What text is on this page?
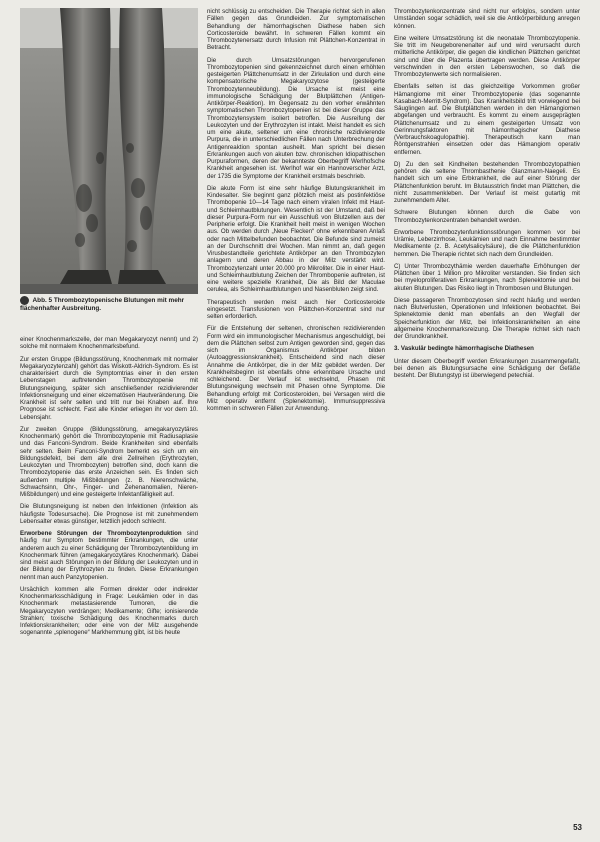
Abb. 5 Thrombozytopenische Blutungen mit mehr flächenhafter Ausbreitung.

einer Knochenmarkszelle, der man Megakaryozyt nennt) und 2) solche mit normalem Knochenmarksbefund.

Zur ersten Gruppe (Bildungsstörung, Knochenmark mit normaler Megakaryozytenzahl) gehört das Wiskott-Aldrich-Syndrom. Es ist charakterisiert durch die Symptomtrias einer in den ersten Lebenstagen auftretenden Thrombozytopenie mit Blutungsneigung, später sich anschließender rezidivierender Infektionsneigung und einer ekzematösen Hautveränderung. Die Krankheit ist sehr selten und tritt nur bei Knaben auf. Ihre Prognose ist schlecht. Fast alle Kinder erliegen ihr vor dem 10. Lebensjahr.

Zur zweiten Gruppe (Bildungsstörung, amegakaryozytäres Knochenmark) gehört die Thrombozytopenie mit Radiusaplasie und das Fanconi-Syndrom. Beide Krankheiten sind ebenfalls sehr selten. Beim Fanconi-Syndrom bemerkt es sich um ein Bildungsdefekt, bei dem alle drei Zellreihen (Erythrozyten, Leukozyten und Thrombozyten) betroffen sind, doch kann die Thrombozytopenie das erste Anzeichen sein. Es finden sich außerdem multiple Mißbildungen (z. B. Nierenschwäche, Schwachsinn, Ohr-, Finger- und Zehenanomalien, Nieren-Mißbildungen) und eine gesteigerte Infektanfälligkeit auf.

Die Blutungsneigung ist neben den Infektionen (Infektion als häufigste Todesursache). Die Prognose ist mit zunehmendem Lebensalter etwas günstiger, letztlich jedoch schlecht.

Erworbene Störungen der Thrombozytenproduktion sind häufig nur Symptom bestimmter Erkrankungen, die unter anderem auch zu einer Schädigung der Thrombozytenbildung im Knochenmark führen (amegakaryozytäres Knochenmark). Dabei sind meist auch Störungen in der Bildung der Leukozyten und in der Bildung der Erythrozyten zu finden. Diese Erkrankungen nennt man auch Panzytopenien.

Ursächlich kommen alle Formen direkter oder indirekter Knochenmarksschädigung in Frage: Leukämien oder in das Knochenmark metastasierende Tumoren, die die Megakaryozyten verdrängen; Medikamente; Gifte; ionisierende Strahlen; toxische Schädigung des Knochenmarks durch Infektionskrankheiten; oder eine von der Milz ausgehende sogenannte „splenogene“ Markhemmung gibt, ist bis heute

nicht schlüssig zu entscheiden. Die Therapie richtet sich in allen Fällen gegen das Grundleiden. Zur symptomatischen Behandlung der hämorrhagischen Diathese haben sich Corticosteroide bewährt. In schweren Fällen kommt ein Thrombozytenersatz durch Infusion mit Plättchen-Konzentrat in Betracht.

Die durch Umsatzstörungen hervorgerufenen Thrombozytopenien sind gekennzeichnet durch einen erhöhten gesteigerten Plättchenumsatz in der Zirkulation und durch eine kompensatorische Megakaryozytose (gesteigerte Thrombozytenneubildung). Die Ursache ist meist eine immunologische Schädigung der Blutplättchen (Antigen-Antikörper-Reaktion). Im Gegensatz zu den vorher erwähnten symptomatischen Thrombozytopenien ist bei dieser Gruppe das Thrombozytensystem isoliert betroffen. Die Ausreifung der Leukozyten und der Erythrozyten ist intakt. Meist handelt es sich um eine akute, seltener um eine chronische rezidivierende Purpura, die in unterschiedlichen Fällen nach Unterbrechung der Antigenreaktion spontan ausheilt. Man spricht bei diesen Erkrankungen auch von akuten bzw. chronischen Idiopathischen Purpuraformen, deren der bekannteste Oberbegriff Werlhofsche Krankheit angesehen ist. Werlhof war ein Hannoverscher Arzt, der 1735 die Symptome der Krankheit erstmals beschrieb.

Die akute Form ist eine sehr häufige Blutungskrankheit im Kindesalter. Sie beginnt ganz plötzlich meist als postinfektiöse Thrombopenie 10—14 Tage nach einem viralen Infekt mit Haut- und Schleimhautblutungen. Wesentlich ist der Umstand, daß bei dieser Purpura-Form nur ein Ausschluß von Blutzellen aus der Peripherie erfolgt. Die Krankheit heilt meist in wenigen Wochen aus. Ob werden durch „Neue Flecken“ ohne erkennbaren Anlaß oder nach Mittelbefunden beobachtet. Die Befunde sind zumeist an der Durchschnitt drei Wochen. Man nimmt an, daß gegen Virusbestandteile gerichtete Antikörper an den Thrombozyten anlagern und deren Abbau in der Milz verstärkt wird. Thrombozytenzahl unter 20.000 pro Mikroliter. Die in einer Haut- und Schleimhautblutung Zeichen der Thrombopenie auftreten, ist eine weitere spezielle Krankheit, Die als Bild der Maculae cerulea, als Schleimhautblutungen und Nasenbluten zeigt sind.

Therapeutisch werden meist auch hier Corticosteroide eingesetzt. Transfusionen von Plättchen-Konzentrat sind nur selten erforderlich.

Für die Entstehung der seltenen, chronischen rezidivierenden Form wird ein immunologischer Mechanismus angeschuldigt, bei dem die Plättchen selbst zum Antigen geworden sind, gegen das sich im Organismus Antikörper bilden (Autoaggressionskrankheit). Entscheidend sind nach dieser Annahme die Antikörper, die in der Milz gebildet werden. Der Krankheitsbeginn ist ebenfalls ohne erkennbare Ursache und schleichend. Der Verlauf ist wechselnd, Phasen mit Blutungsneigung wechseln mit Phasen ohne Symptome. Die Behandlung erfolgt mit Corticosteroiden, bei Versagen wird die Milz operativ entfernt (Splenektomie). Immunsuppressiva kommen in schweren Fällen zur Anwendung.

Thrombozytenkonzentrate sind nicht nur erfolglos, sondern unter Umständen sogar schädlich, weil sie die Antikörperbildung anregen können.

Eine weitere Umsatzstörung ist die neonatale Thrombozytopenie. Sie tritt im Neugeborenenalter auf und wird verursacht durch mütterliche Antikörper, die gegen die kindlichen Plättchen gerichtet sind und über die Plazenta übertragen werden. Diese Antikörper verschwinden in den ersten Lebenswochen, so daß die Thrombozytenwerte sich normalisieren.

Ebenfalls selten ist das gleichzeitige Vorkommen großer Hämangiome mit einer Thrombozytopenie (das sogenannte Kasabach-Merritt-Syndrom). Das Krankheitsbild tritt vorwiegend bei Säuglingen auf. Die Blutplättchen werden in den Hämangiomen abgefangen und verbraucht. Es kommt zu einem ausgeprägten Plättchenumsatz und zu einem gesteigerten Umsatz von Gerinnungsfaktoren mit hämorrhagischer Diathese (Verbrauchskoagulopathie). Therapeutisch kann man Röntgenstrahlen einsetzen oder das Hämangiom operativ entfernen.

D) Zu den seit Kindheiten bestehenden Thrombozytopathien gehören die seltene Thrombasthenie Glanzmann-Naegeli. Es handelt sich um eine Erbkrankheit, die auf einer Störung der Plättchenfunktion beruht. Im Blutausstrich findet man Plättchen, die nicht zusammenkleben. Der Verlauf ist meist gutartig mit zunehmendem Alter.

Schwere Blutungen können durch die Gabe von Thrombozytenkonzentraten behandelt werden.

Erworbene Thrombozytenfunktionsstörungen kommen vor bei Urämie, Leberzirrhose, Leukämien und nach Einnahme bestimmter Medikamente (z. B. Acetylsalicylsäure), die die Plättchenfunktion hemmen. Die Therapie richtet sich nach dem Grundleiden.

C) Unter Thrombozythämie werden dauerhafte Erhöhungen der Plättchen über 1 Million pro Mikroliter verstanden. Sie finden sich bei myeloproliferativen Erkrankungen, nach Splenektomie und bei akuten Blutungen. Das Risiko liegt in Thrombosen und Blutungen.

Diese passageren Thrombozytosen sind recht häufig und werden nach Blutverlusten, Operationen und Infektionen beobachtet. Bei Splenektomie denkt man ebenfalls an den Wegfall der Speicherfunktion der Milz, bei Infektionskrankheiten an eine allgemeine Knochenmarksreizung. Die Therapie richtet sich nach der Grundkrankheit.

3. Vaskulär bedingte hämorrhagische Diathesen

Unter diesem Oberbegriff werden Erkrankungen zusammengefaßt, bei denen als Blutungsursache eine Schädigung der Gefäße besteht. Der Blutungstyp ist überwiegend petechial.

53
